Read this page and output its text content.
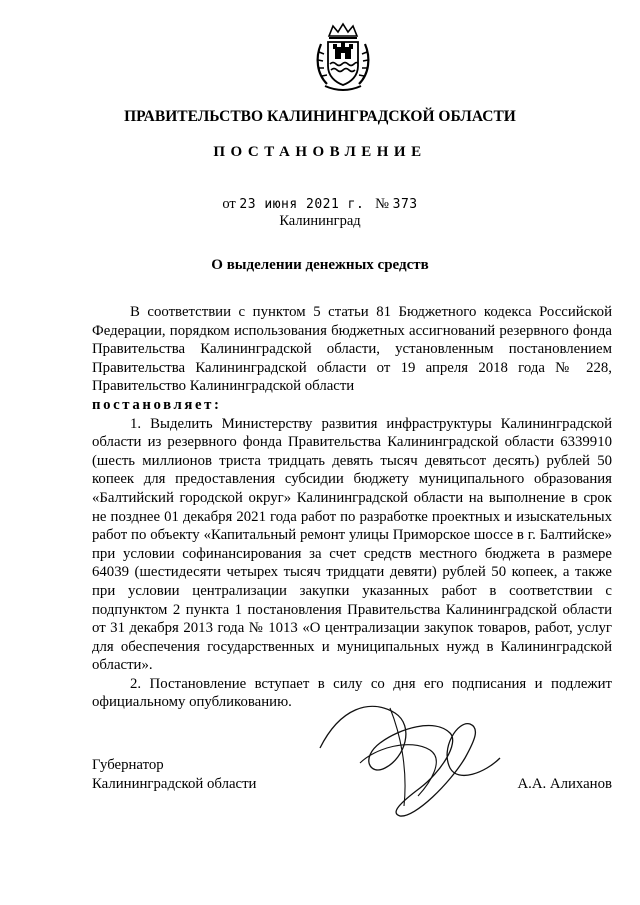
ПРАВИТЕЛЬСТВО КАЛИНИНГРАДСКОЙ ОБЛАСТИ
ПОСТАНОВЛЕНИЕ
от 23 июня 2021 г. № 373
Калининград
О выделении денежных средств

В соответствии с пунктом 5 статьи 81 Бюджетного кодекса Российской Федерации, порядком использования бюджетных ассигнований резервного фонда Правительства Калининградской области, установленным постановлением Правительства Калининградской области от 19 апреля 2018 года № 228, Правительство Калининградской области

постановляет:

1. Выделить Министерству развития инфраструктуры Калининградской области из резервного фонда Правительства Калининградской области 6339910 (шесть миллионов триста тридцать девять тысяч девятьсот десять) рублей 50 копеек для предоставления субсидии бюджету муниципального образования «Балтийский городской округ» Калининградской области на выполнение в срок не позднее 01 декабря 2021 года работ по разработке проектных и изыскательных работ по объекту «Капитальный ремонт улицы Приморское шоссе в г. Балтийске» при условии софинансирования за счет средств местного бюджета в размере 64039 (шестидесяти четырех тысяч тридцати девяти) рублей 50 копеек, а также при условии централизации закупки указанных работ в соответствии с подпунктом 2 пункта 1 постановления Правительства Калининградской области от 31 декабря 2013 года № 1013 «О централизации закупок товаров, работ, услуг для обеспечения государственных и муниципальных нужд в Калининградской области».

2. Постановление вступает в силу со дня его подписания и подлежит официальному опубликованию.

Губернатор
Калининградской области	А.А. Алиханов
